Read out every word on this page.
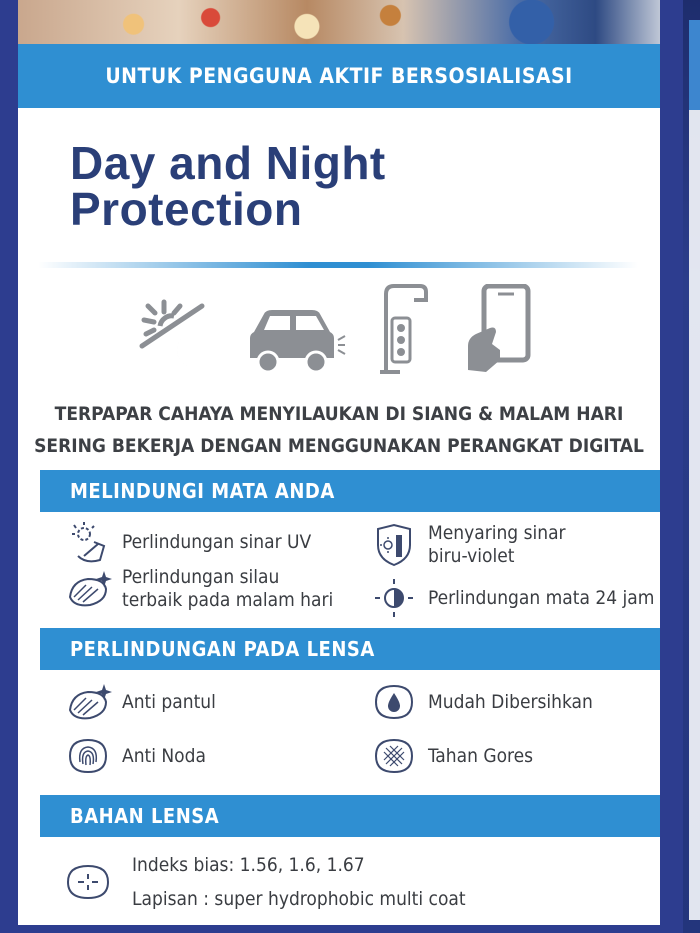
UNTUK PENGGUNA AKTIF BERSOSIALISASI
Day and Night
Protection
TERPAPAR CAHAYA MENYILAUKAN DI SIANG & MALAM HARI
SERING BEKERJA DENGAN MENGGUNAKAN PERANGKAT DIGITAL
MELINDUNGI MATA ANDA
Perlindungan sinar UV
Perlindungan silau
terbaik pada malam hari
Menyaring sinar
biru-violet
Perlindungan mata 24 jam
PERLINDUNGAN PADA LENSA
Anti pantul	Mudah Dibersihkan
Anti Noda	Tahan Gores
BAHAN LENSA
Indeks bias: 1.56, 1.6, 1.67
Lapisan : super hydrophobic multi coat
